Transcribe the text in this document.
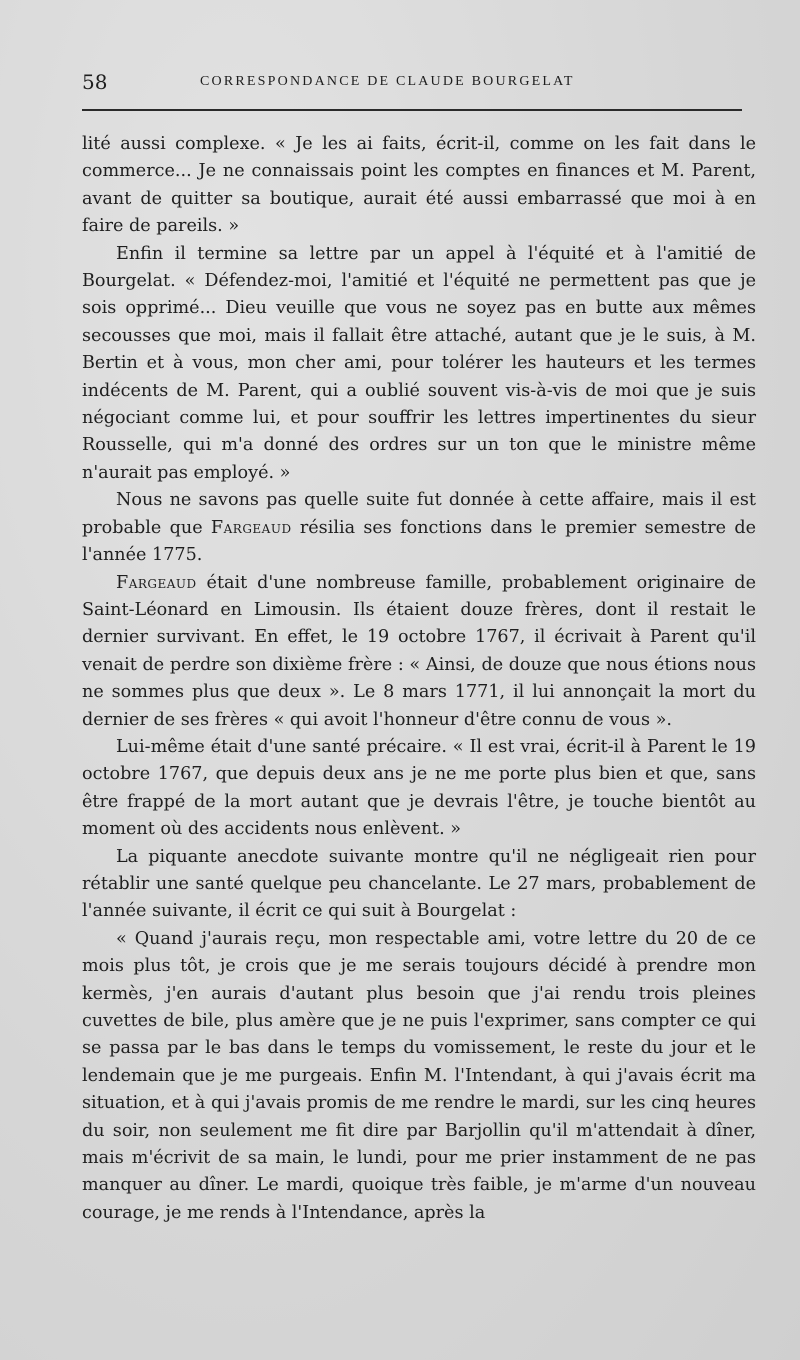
58	CORRESPONDANCE DE CLAUDE BOURGELAT

lité aussi complexe. « Je les ai faits, écrit-il, comme on les fait dans le commerce... Je ne connaissais point les comptes en finances et M. Parent, avant de quitter sa boutique, aurait été aussi embarrassé que moi à en faire de pareils. »

Enfin il termine sa lettre par un appel à l'équité et à l'amitié de Bourgelat. « Défendez-moi, l'amitié et l'équité ne permettent pas que je sois opprimé... Dieu veuille que vous ne soyez pas en butte aux mêmes secousses que moi, mais il fallait être attaché, autant que je le suis, à M. Bertin et à vous, mon cher ami, pour tolérer les hauteurs et les termes indécents de M. Parent, qui a oublié souvent vis-à-vis de moi que je suis négociant comme lui, et pour souffrir les lettres impertinentes du sieur Rousselle, qui m'a donné des ordres sur un ton que le ministre même n'aurait pas employé. »

Nous ne savons pas quelle suite fut donnée à cette affaire, mais il est probable que Fargeaud résilia ses fonctions dans le premier semestre de l'année 1775.

Fargeaud était d'une nombreuse famille, probablement originaire de Saint-Léonard en Limousin. Ils étaient douze frères, dont il restait le dernier survivant. En effet, le 19 octobre 1767, il écrivait à Parent qu'il venait de perdre son dixième frère : « Ainsi, de douze que nous étions nous ne sommes plus que deux ». Le 8 mars 1771, il lui annonçait la mort du dernier de ses frères « qui avoit l'honneur d'être connu de vous ».

Lui-même était d'une santé précaire. « Il est vrai, écrit-il à Parent le 19 octobre 1767, que depuis deux ans je ne me porte plus bien et que, sans être frappé de la mort autant que je devrais l'être, je touche bientôt au moment où des accidents nous enlèvent. »

La piquante anecdote suivante montre qu'il ne négligeait rien pour rétablir une santé quelque peu chancelante. Le 27 mars, probablement de l'année suivante, il écrit ce qui suit à Bourgelat :

« Quand j'aurais reçu, mon respectable ami, votre lettre du 20 de ce mois plus tôt, je crois que je me serais toujours décidé à prendre mon kermès, j'en aurais d'autant plus besoin que j'ai rendu trois pleines cuvettes de bile, plus amère que je ne puis l'exprimer, sans compter ce qui se passa par le bas dans le temps du vomissement, le reste du jour et le lendemain que je me purgeais. Enfin M. l'Intendant, à qui j'avais écrit ma situation, et à qui j'avais promis de me rendre le mardi, sur les cinq heures du soir, non seulement me fit dire par Barjollin qu'il m'attendait à dîner, mais m'écrivit de sa main, le lundi, pour me prier instamment de ne pas manquer au dîner. Le mardi, quoique très faible, je m'arme d'un nouveau courage, je me rends à l'Intendance, après la
